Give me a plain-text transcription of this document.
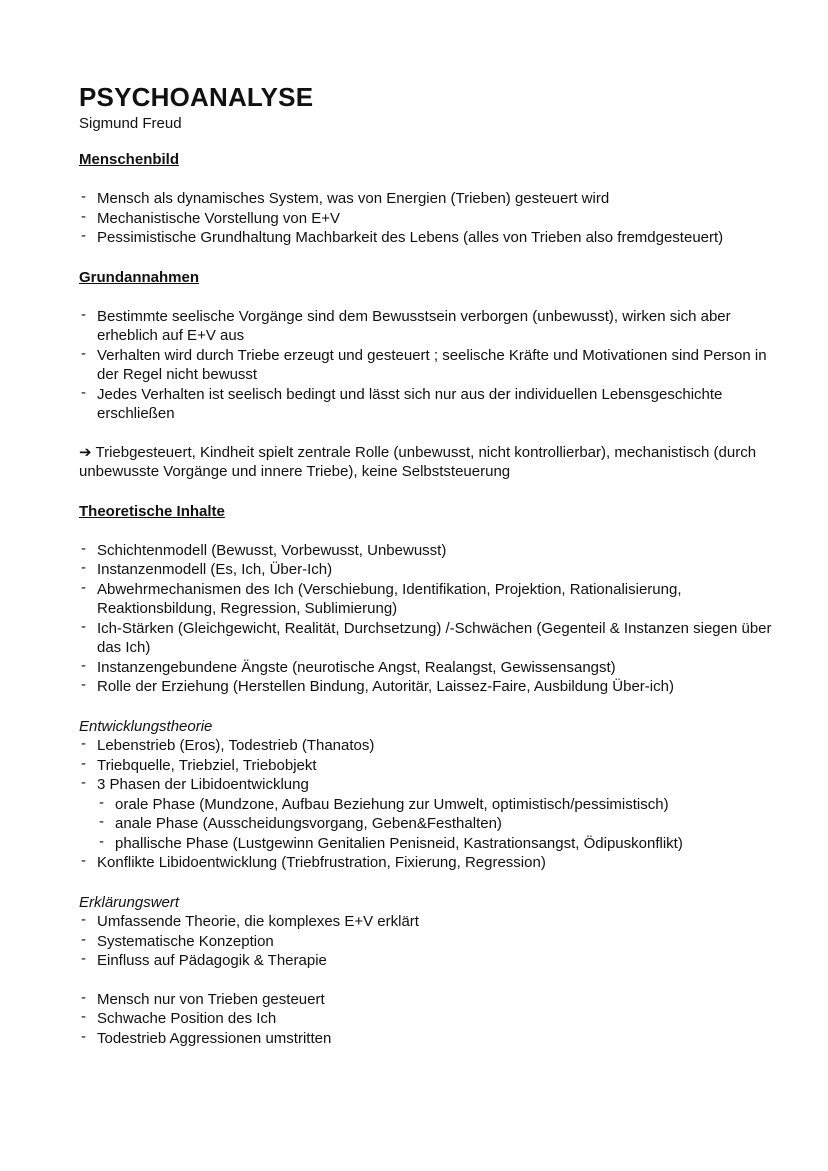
PSYCHOANALYSE

Sigmund Freud

Menschenbild

- Mensch als dynamisches System, was von Energien (Trieben) gesteuert wird
- Mechanistische Vorstellung von E+V
- Pessimistische Grundhaltung Machbarkeit des Lebens (alles von Trieben also fremdgesteuert)

Grundannahmen

- Bestimmte seelische Vorgänge sind dem Bewusstsein verborgen (unbewusst), wirken sich aber erheblich auf E+V aus
- Verhalten wird durch Triebe erzeugt und gesteuert ; seelische Kräfte und Motivationen sind Person in der Regel nicht bewusst
- Jedes Verhalten ist seelisch bedingt und lässt sich nur aus der individuellen Lebensgeschichte erschließen

➔ Triebgesteuert, Kindheit spielt zentrale Rolle (unbewusst, nicht kontrollierbar), mechanistisch (durch unbewusste Vorgänge und innere Triebe), keine Selbststeuerung

Theoretische Inhalte

- Schichtenmodell (Bewusst, Vorbewusst, Unbewusst)
- Instanzenmodell (Es, Ich, Über-Ich)
- Abwehrmechanismen des Ich (Verschiebung, Identifikation, Projektion, Rationalisierung, Reaktionsbildung, Regression, Sublimierung)
- Ich-Stärken (Gleichgewicht, Realität, Durchsetzung) /-Schwächen (Gegenteil & Instanzen siegen über das Ich)
- Instanzengebundene Ängste (neurotische Angst, Realangst, Gewissensangst)
- Rolle der Erziehung (Herstellen Bindung, Autoritär, Laissez-Faire, Ausbildung Über-ich)

Entwicklungstheorie

- Lebenstrieb (Eros), Todestrieb (Thanatos)
- Triebquelle, Triebziel, Triebobjekt
- 3 Phasen der Libidoentwicklung
- orale Phase (Mundzone, Aufbau Beziehung zur Umwelt, optimistisch/pessimistisch)
- anale Phase (Ausscheidungsvorgang, Geben&Festhalten)
- phallische Phase (Lustgewinn Genitalien Penisneid, Kastrationsangst, Ödipuskonflikt)
- Konflikte Libidoentwicklung (Triebfrustration, Fixierung, Regression)

Erklärungswert

- Umfassende Theorie, die komplexes E+V erklärt
- Systematische Konzeption
- Einfluss auf Pädagogik & Therapie
- Mensch nur von Trieben gesteuert
- Schwache Position des Ich
- Todestrieb Aggressionen umstritten
